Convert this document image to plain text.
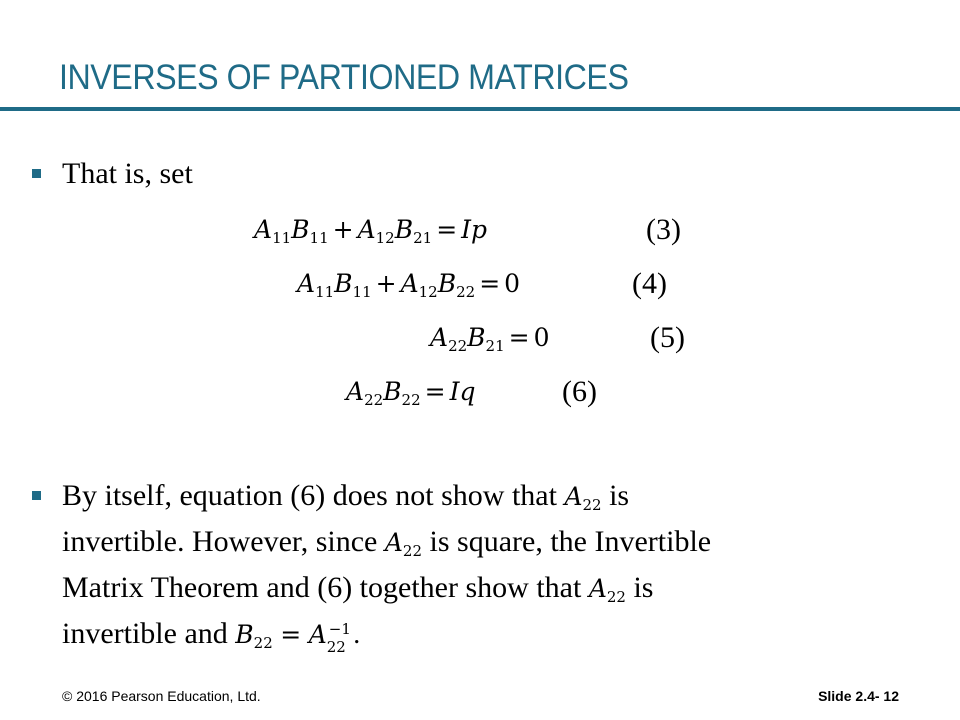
INVERSES OF PARTIONED MATRICES
That is, set
A11B11 + A12B21 = Ip	(3)
A11B11 + A12B22 = 0	(4)
A22B21 = 0	(5)
A22B22 = Iq	(6)
By itself, equation (6) does not show that $A_{22}$ is
invertible. However, since $A_{22}$ is square, the Invertible
Matrix Theorem and (6) together show that $A_{22}$ is
invertible and $B_{22} = A -1$
22 .
© 2016 Pearson Education, Ltd.	Slide 2.4- 12
